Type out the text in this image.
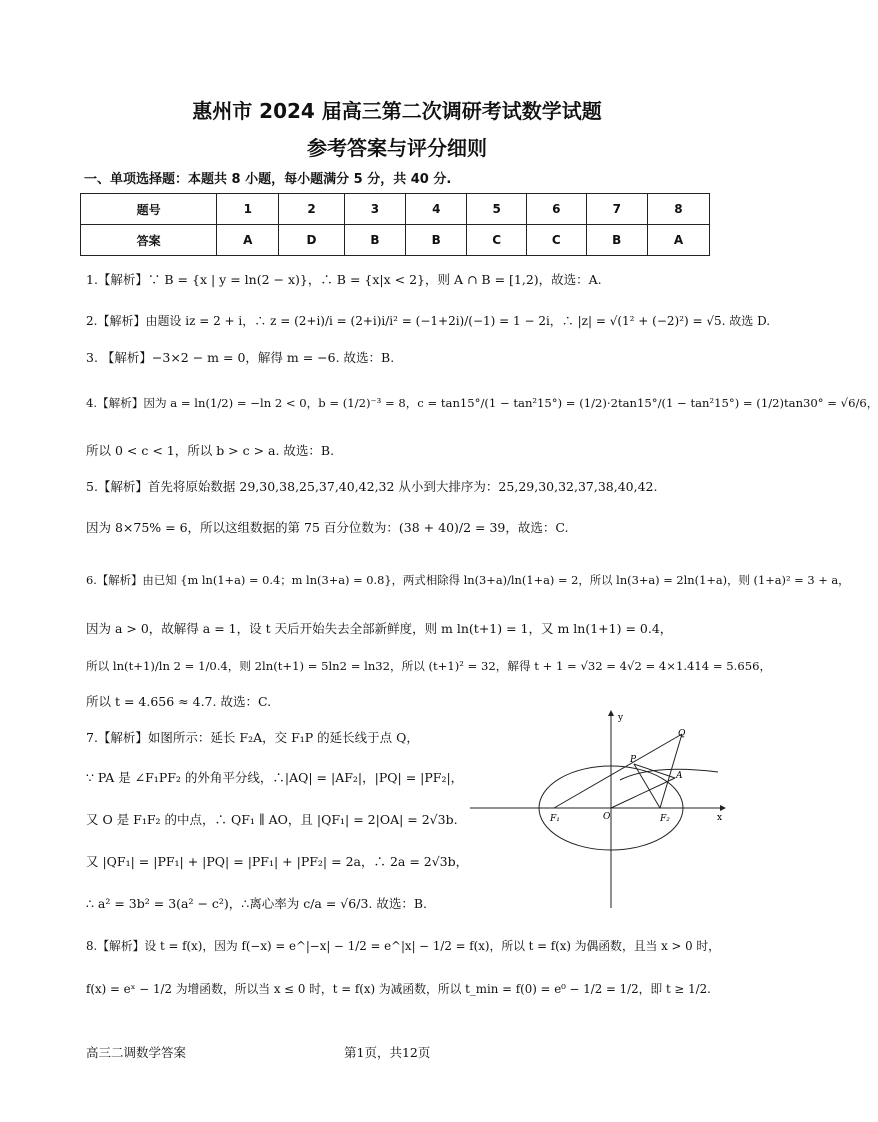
惠州市 2024 届高三第二次调研考试数学试题
参考答案与评分细则
一、单项选择题：本题共 8 小题，每小题满分 5 分，共 40 分.
题号	1	2	3	4	5	6	7	8
答案	A	D	B	B	C	C	B	A
1.【解析】∵ B = {x | y = ln(2 − x)}，∴ B = {x|x < 2}，则 A ∩ B = [1,2)，故选：A.
2.【解析】由题设 iz = 2 + i，∴ z = (2+i)/i = (2+i)i/i² = (−1+2i)/(−1) = 1 − 2i，∴ |z| = √(1² + (−2)²) = √5. 故选 D.
3. 【解析】−3×2 − m = 0，解得 m = −6. 故选：B.
4.【解析】因为 a = ln(1/2) = −ln 2 < 0，b = (1/2)⁻³ = 8，c = tan15°/(1 − tan²15°) = (1/2)·2tan15°/(1 − tan²15°) = (1/2)tan30° = √6/6，
所以 0 < c < 1，所以 b > c > a. 故选：B.
5.【解析】首先将原始数据 29,30,38,25,37,40,42,32 从小到大排序为：25,29,30,32,37,38,40,42.
因为 8×75% = 6，所以这组数据的第 75 百分位数为：(38 + 40)/2 = 39，故选：C.
6.【解析】由已知 {m ln(1+a) = 0.4；m ln(3+a) = 0.8}，两式相除得 ln(3+a)/ln(1+a) = 2，所以 ln(3+a) = 2ln(1+a)，则 (1+a)² = 3 + a，
因为 a > 0，故解得 a = 1，设 t 天后开始失去全部新鲜度，则 m ln(t+1) = 1，又 m ln(1+1) = 0.4，
所以 ln(t+1)/ln 2 = 1/0.4，则 2ln(t+1) = 5ln2 = ln32，所以 (t+1)² = 32，解得 t + 1 = √32 = 4√2 = 4×1.414 = 5.656，
所以 t = 4.656 ≈ 4.7. 故选：C.
7.【解析】如图所示：延长 F₂A，交 F₁P 的延长线于点 Q，
∵ PA 是 ∠F₁PF₂ 的外角平分线，∴|AQ| = |AF₂|，|PQ| = |PF₂|，
又 O 是 F₁F₂ 的中点，∴ QF₁ ∥ AO，且 |QF₁| = 2|OA| = 2√3b.
又 |QF₁| = |PF₁| + |PQ| = |PF₁| + |PF₂| = 2a，∴ 2a = 2√3b，
∴ a² = 3b² = 3(a² − c²)，∴离心率为 c/a = √6/3. 故选：B.
y
x
Q
P
A
O
F₁	F₂
8.【解析】设 t = f(x)，因为 f(−x) = e^|−x| − 1/2 = e^|x| − 1/2 = f(x)，所以 t = f(x) 为偶函数，且当 x > 0 时，
f(x) = eˣ − 1/2 为增函数，所以当 x ≤ 0 时，t = f(x) 为减函数，所以 t_min = f(0) = e⁰ − 1/2 = 1/2，即 t ≥ 1/2.
高三二调数学答案	第1页，共12页
